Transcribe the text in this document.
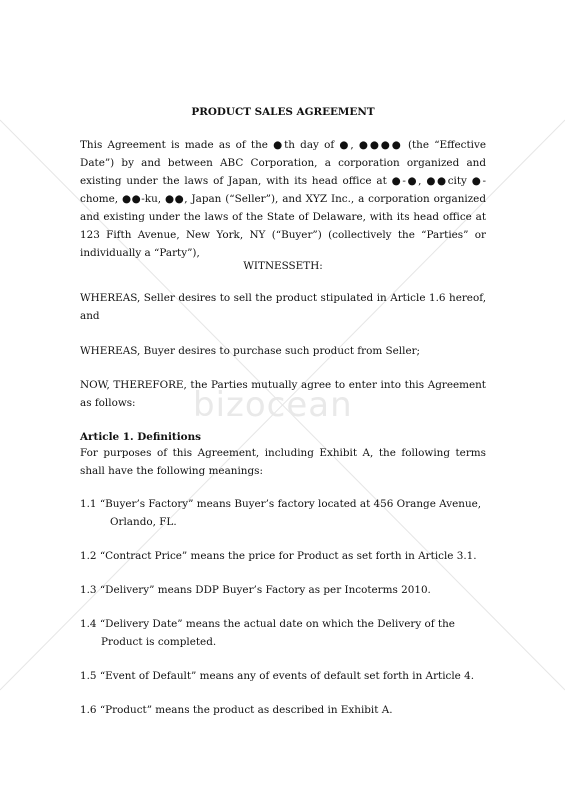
bizocean
PRODUCT SALES AGREEMENT
This Agreement is made as of the ●th day of ●, ●●●● (the “Effective Date”) by and between ABC Corporation, a corporation organized and existing under the laws of Japan, with its head office at ●-●, ●●city ●-chome, ●●-ku, ●●, Japan (“Seller”), and XYZ Inc., a corporation organized and existing under the laws of the State of Delaware, with its head office at 123 Fifth Avenue, New York, NY (“Buyer”) (collectively the “Parties” or individually a “Party”),
WITNESSETH:
WHEREAS, Seller desires to sell the product stipulated in Article 1.6 hereof, and
WHEREAS, Buyer desires to purchase such product from Seller;
NOW, THEREFORE, the Parties mutually agree to enter into this Agreement as follows:
Article 1. Definitions
For purposes of this Agreement, including Exhibit A, the following terms shall have the following meanings:
1.1 “Buyer’s Factory” means Buyer’s factory located at 456 Orange Avenue, Orlando, FL.
1.2 “Contract Price” means the price for Product as set forth in Article 3.1.
1.3 “Delivery” means DDP Buyer’s Factory as per Incoterms 2010.
1.4 “Delivery Date” means the actual date on which the Delivery of the Product is completed.
1.5 “Event of Default” means any of events of default set forth in Article 4.
1.6 “Product” means the product as described in Exhibit A.
